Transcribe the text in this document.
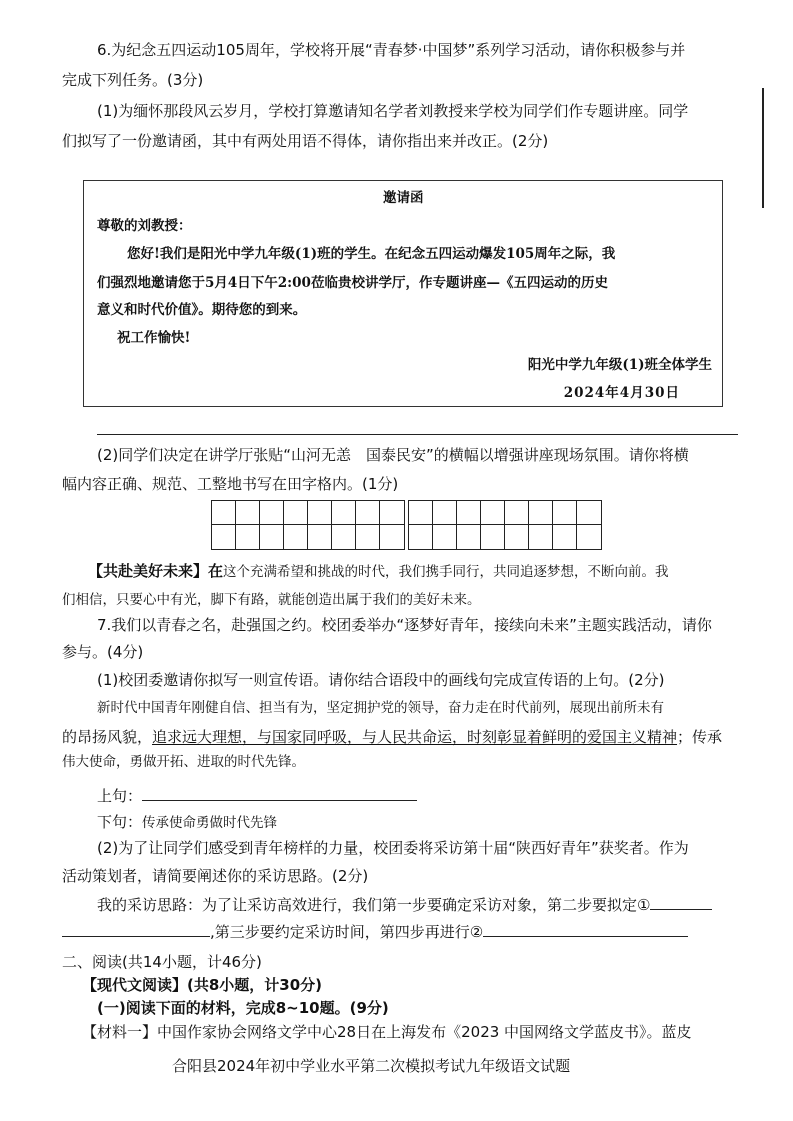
6.为纪念五四运动105周年，学校将开展“青春梦·中国梦”系列学习活动，请你积极参与并
完成下列任务。(3分)
(1)为缅怀那段风云岁月，学校打算邀请知名学者刘教授来学校为同学们作专题讲座。同学
们拟写了一份邀请函，其中有两处用语不得体，请你指出来并改正。(2分)
邀请函
尊敬的刘教授：
您好!我们是阳光中学九年级(1)班的学生。在纪念五四运动爆发105周年之际，我
们强烈地邀请您于5月4日下午2:00莅临贵校讲学厅，作专题讲座—《五四运动的历史
意义和时代价值》。期待您的到来。
祝工作愉快!
阳光中学九年级(1)班全体学生
2024年4月30日
(2)同学们决定在讲学厅张贴“山河无恙　国泰民安”的横幅以增强讲座现场氛围。请你将横
幅内容正确、规范、工整地书写在田字格内。(1分)
【共赴美好未来】在这个充满希望和挑战的时代，我们携手同行，共同追逐梦想，不断向前。我
们相信，只要心中有光，脚下有路，就能创造出属于我们的美好未来。
7.我们以青春之名，赴强国之约。校团委举办“逐梦好青年，接续向未来”主题实践活动，请你
参与。(4分)
(1)校团委邀请你拟写一则宣传语。请你结合语段中的画线句完成宣传语的上句。(2分)
新时代中国青年刚健自信、担当有为，坚定拥护党的领导，奋力走在时代前列，展现出前所未有
的昂扬风貌，追求远大理想，与国家同呼吸，与人民共命运，时刻彰显着鲜明的爱国主义精神；传承
伟大使命，勇做开拓、进取的时代先锋。
上句：
下句：传承使命勇做时代先锋
(2)为了让同学们感受到青年榜样的力量，校团委将采访第十届“陕西好青年”获奖者。作为
活动策划者，请简要阐述你的采访思路。(2分)
我的采访思路：为了让采访高效进行，我们第一步要确定采访对象，第二步要拟定①
,第三步要约定采访时间，第四步再进行②
二、阅读(共14小题，计46分)
【现代文阅读】(共8小题，计30分)
(一)阅读下面的材料，完成8~10题。(9分)
【材料一】中国作家协会网络文学中心28日在上海发布《2023 中国网络文学蓝皮书》。蓝皮
合阳县2024年初中学业水平第二次模拟考试九年级语文试题
